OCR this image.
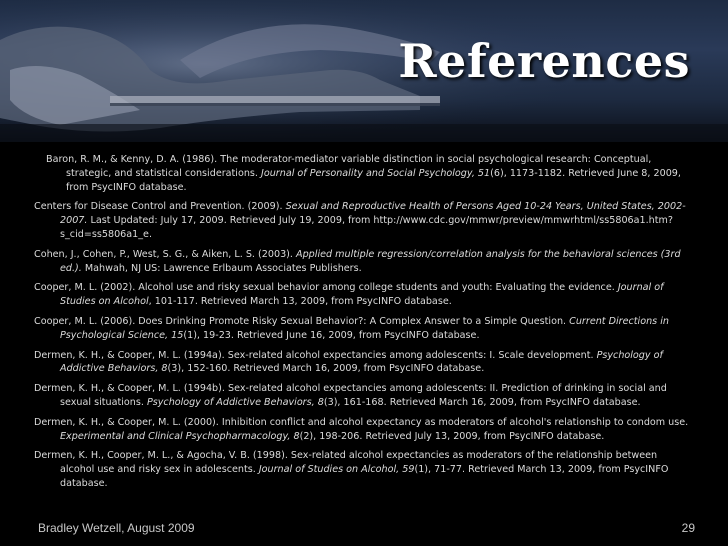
References
Baron, R. M., & Kenny, D. A. (1986). The moderator-mediator variable distinction in social psychological research: Conceptual, strategic, and statistical considerations. Journal of Personality and Social Psychology, 51(6), 1173-1182. Retrieved June 8, 2009, from PsycINFO database.
Centers for Disease Control and Prevention. (2009). Sexual and Reproductive Health of Persons Aged 10-24 Years, United States, 2002-2007. Last Updated: July 17, 2009. Retrieved July 19, 2009, from http://www.cdc.gov/mmwr/preview/mmwrhtml/ss5806a1.htm?s_cid=ss5806a1_e.
Cohen, J., Cohen, P., West, S. G., & Aiken, L. S. (2003). Applied multiple regression/correlation analysis for the behavioral sciences (3rd ed.). Mahwah, NJ US: Lawrence Erlbaum Associates Publishers.
Cooper, M. L. (2002). Alcohol use and risky sexual behavior among college students and youth: Evaluating the evidence. Journal of Studies on Alcohol, 101-117. Retrieved March 13, 2009, from PsycINFO database.
Cooper, M. L. (2006). Does Drinking Promote Risky Sexual Behavior?: A Complex Answer to a Simple Question. Current Directions in Psychological Science, 15(1), 19-23. Retrieved June 16, 2009, from PsycINFO database.
Dermen, K. H., & Cooper, M. L. (1994a). Sex-related alcohol expectancies among adolescents: I. Scale development. Psychology of Addictive Behaviors, 8(3), 152-160. Retrieved March 16, 2009, from PsycINFO database.
Dermen, K. H., & Cooper, M. L. (1994b). Sex-related alcohol expectancies among adolescents: II. Prediction of drinking in social and sexual situations. Psychology of Addictive Behaviors, 8(3), 161-168. Retrieved March 16, 2009, from PsycINFO database.
Dermen, K. H., & Cooper, M. L. (2000). Inhibition conflict and alcohol expectancy as moderators of alcohol's relationship to condom use. Experimental and Clinical Psychopharmacology, 8(2), 198-206. Retrieved July 13, 2009, from PsycINFO database.
Dermen, K. H., Cooper, M. L., & Agocha, V. B. (1998). Sex-related alcohol expectancies as moderators of the relationship between alcohol use and risky sex in adolescents. Journal of Studies on Alcohol, 59(1), 71-77. Retrieved March 13, 2009, from PsycINFO database.
Bradley Wetzell, August 2009	29
